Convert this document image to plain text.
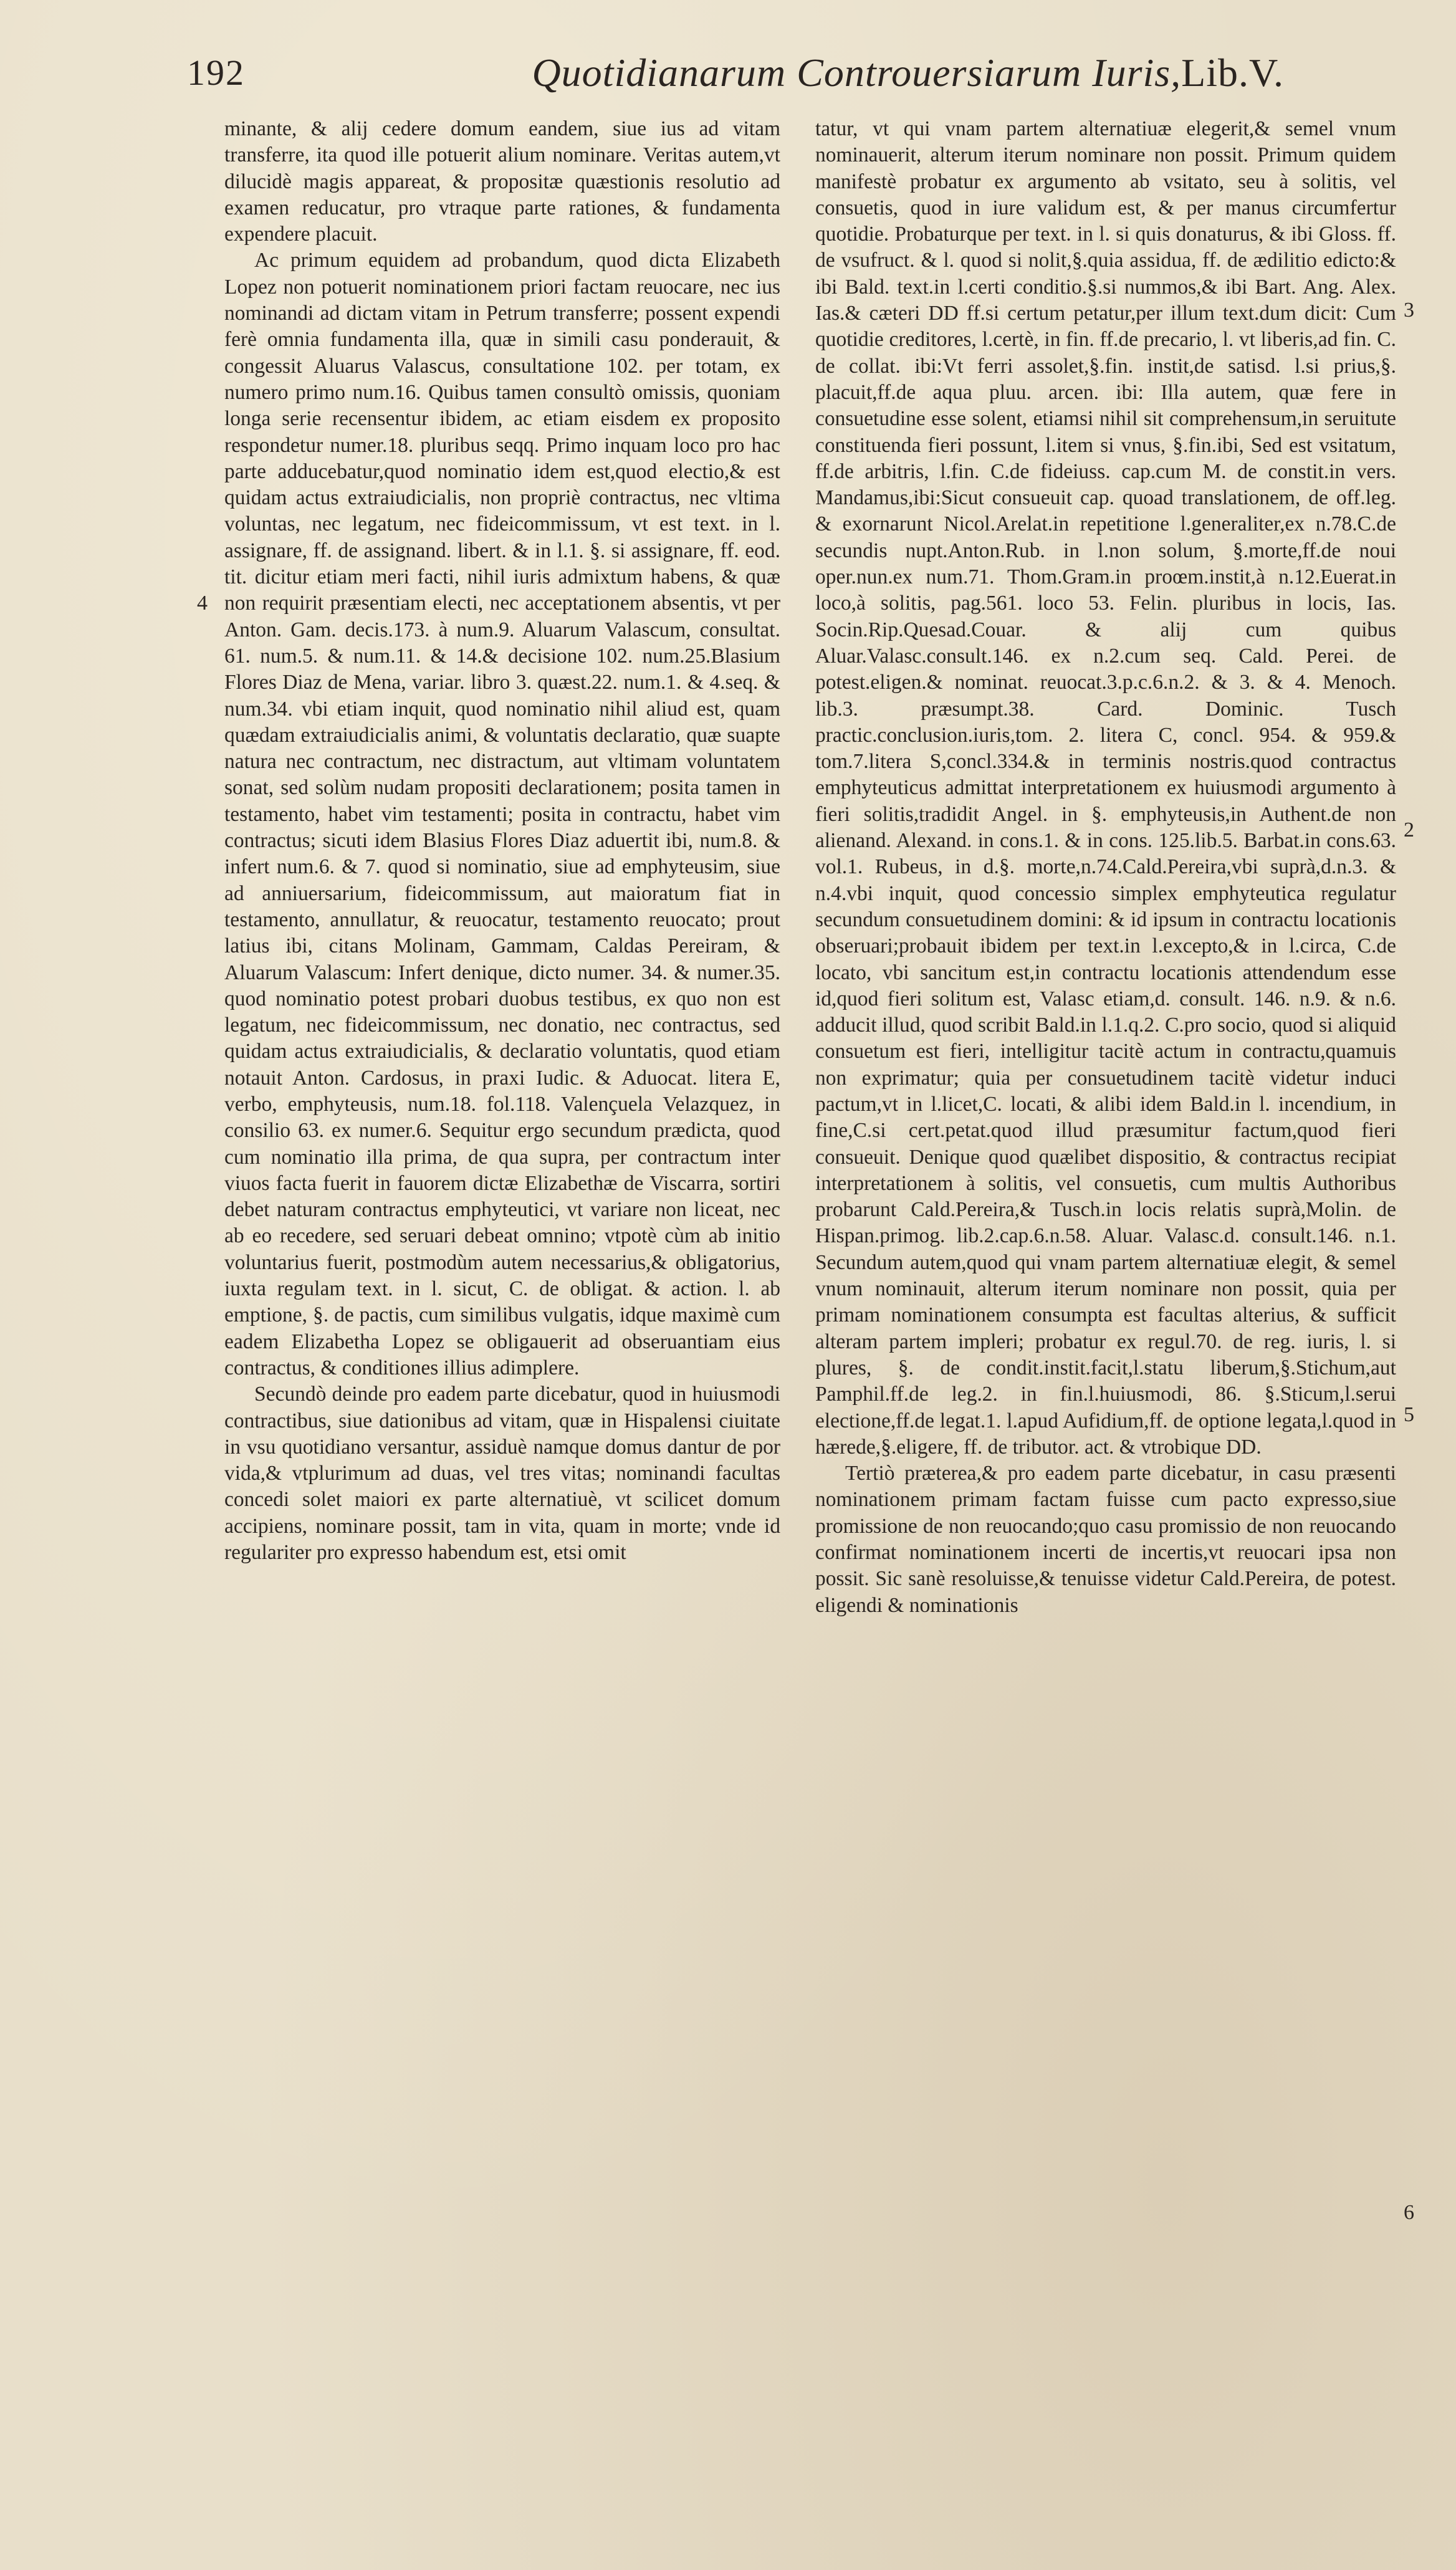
192	Quotidianarum Controuersiarum Iuris,Lib.V.

minante, & alij cedere domum eandem, siue ius ad vitam transferre, ita quod ille potuerit alium nominare. Veritas autem,vt dilucidè magis appareat, & propositæ quæstionis resolutio ad examen reducatur, pro vtraque parte rationes, & fundamenta expendere placuit.

Ac primum equidem ad probandum, quod dicta Elizabeth Lopez non potuerit nominationem priori factam reuocare, nec ius nominandi ad dictam vitam in Petrum transferre; possent expendi ferè omnia fundamenta illa, quæ in simili casu ponderauit, & congessit Aluarus Valascus, consultatione 102. per totam, ex numero primo num.16. Quibus tamen consultò omissis, quoniam longa serie recensentur ibidem, ac etiam eisdem ex proposito respondetur numer.18. pluribus seqq. Primo inquam loco pro hac parte adducebatur,quod nominatio idem est,quod electio,& est quidam actus extraiudicialis, non propriè contractus, nec vltima voluntas, nec legatum, nec fideicommissum, vt est text. in l. assignare, ff. de assignand. libert. & in l.1. §. si assignare, ff. eod. tit. dicitur etiam meri facti, nihil iuris admixtum habens, & quæ non requirit præsentiam electi, nec acceptationem absentis, vt per Anton. Gam. decis.173. à num.9. Aluarum Valascum, consultat. 61. num.5. & num.11. & 14.& decisione 102. num.25.Blasium Flores Diaz de Mena, variar. libro 3. quæst.22. num.1. & 4.seq. & num.34. vbi etiam inquit, quod nominatio nihil aliud est, quam quædam extraiudicialis animi, & voluntatis declaratio, quæ suapte natura nec contractum, nec distractum, aut vltimam voluntatem sonat, sed solùm nudam propositi declarationem; posita tamen in testamento, habet vim testamenti; posita in contractu, habet vim contractus; sicuti idem Blasius Flores Diaz aduertit ibi, num.8. & infert num.6. & 7. quod si nominatio, siue ad emphyteusim, siue ad anniuersarium, fideicommissum, aut maioratum fiat in testamento, annullatur, & reuocatur, testamento reuocato; prout latius ibi, citans Molinam, Gammam, Caldas Pereiram, & Aluarum Valascum: Infert denique, dicto numer. 34. & numer.35. quod nominatio potest probari duobus testibus, ex quo non est legatum, nec fideicommissum, nec donatio, nec contractus, sed quidam actus extraiudicialis, & declaratio voluntatis, quod etiam notauit Anton. Cardosus, in praxi Iudic. & Aduocat. litera E, verbo, emphyteusis, num.18. fol.118. Valençuela Velazquez, in consilio 63. ex numer.6. Sequitur ergo secundum prædicta, quod cum nominatio illa prima, de qua supra, per contractum inter viuos facta fuerit in fauorem dictæ Elizabethæ de Viscarra, sortiri debet naturam contractus emphyteutici, vt variare non liceat, nec ab eo recedere, sed seruari debeat omnino; vtpotè cùm ab initio voluntarius fuerit, postmodùm autem necessarius,& obligatorius, iuxta regulam text. in l. sicut, C. de obligat. & action. l. ab emptione, §. de pactis, cum similibus vulgatis, idque maximè cum eadem Elizabetha Lopez se obligauerit ad obseruantiam eius contractus, & conditiones illius adimplere.

Secundò deinde pro eadem parte dicebatur, quod in huiusmodi contractibus, siue dationibus ad vitam, quæ in Hispalensi ciuitate in vsu quotidiano versantur, assiduè namque domus dantur de por vida,& vtplurimum ad duas, vel tres vitas; nominandi facultas concedi solet maiori ex parte alternatiuè, vt scilicet domum accipiens, nominare possit, tam in vita, quam in morte; vnde id regulariter pro expresso habendum est, etsi omit

tatur, vt qui vnam partem alternatiuæ elegerit,& semel vnum nominauerit, alterum iterum nominare non possit. Primum quidem manifestè probatur ex argumento ab vsitato, seu à solitis, vel consuetis, quod in iure validum est, & per manus circumfertur quotidie. Probaturque per text. in l. si quis donaturus, & ibi Gloss. ff. de vsufruct. & l. quod si nolit,§.quia assidua, ff. de ædilitio edicto:& ibi Bald. text.in l.certi conditio.§.si nummos,& ibi Bart. Ang. Alex. Ias.& cæteri DD ff.si certum petatur,per illum text.dum dicit: Cum quotidie creditores, l.certè, in fin. ff.de precario, l. vt liberis,ad fin. C. de collat. ibi:Vt ferri assolet,§.fin. instit,de satisd. l.si prius,§. placuit,ff.de aqua pluu. arcen. ibi: Illa autem, quæ fere in consuetudine esse solent, etiamsi nihil sit comprehensum,in seruitute constituenda fieri possunt, l.item si vnus, §.fin.ibi, Sed est vsitatum, ff.de arbitris, l.fin. C.de fideiuss. cap.cum M. de constit.in vers. Mandamus,ibi:Sicut consueuit cap. quoad translationem, de off.leg. & exornarunt Nicol.Arelat.in repetitione l.generaliter,ex n.78.C.de secundis nupt.Anton.Rub. in l.non solum, §.morte,ff.de noui oper.nun.ex num.71. Thom.Gram.in proœm.instit,à n.12.Euerat.in loco,à solitis, pag.561. loco 53. Felin. pluribus in locis, Ias. Socin.Rip.Quesad.Couar. & alij cum quibus Aluar.Valasc.consult.146. ex n.2.cum seq. Cald. Perei. de potest.eligen.& nominat. reuocat.3.p.c.6.n.2. & 3. & 4. Menoch. lib.3. præsumpt.38. Card. Dominic. Tusch practic.conclusion.iuris,tom. 2. litera C, concl. 954. & 959.& tom.7.litera S,concl.334.& in terminis nostris.quod contractus emphyteuticus admittat interpretationem ex huiusmodi argumento à fieri solitis,tradidit Angel. in §. emphyteusis,in Authent.de non alienand. Alexand. in cons.1. & in cons. 125.lib.5. Barbat.in cons.63. vol.1. Rubeus, in d.§. morte,n.74.Cald.Pereira,vbi suprà,d.n.3. & n.4.vbi inquit, quod concessio simplex emphyteutica regulatur secundum consuetudinem domini: & id ipsum in contractu locationis obseruari;probauit ibidem per text.in l.excepto,& in l.circa, C.de locato, vbi sancitum est,in contractu locationis attendendum esse id,quod fieri solitum est, Valasc etiam,d. consult. 146. n.9. & n.6. adducit illud, quod scribit Bald.in l.1.q.2. C.pro socio, quod si aliquid consuetum est fieri, intelligitur tacitè actum in contractu,quamuis non exprimatur; quia per consuetudinem tacitè videtur induci pactum,vt in l.licet,C. locati, & alibi idem Bald.in l. incendium, in fine,C.si cert.petat.quod illud præsumitur factum,quod fieri consueuit. Denique quod quælibet dispositio, & contractus recipiat interpretationem à solitis, vel consuetis, cum multis Authoribus probarunt Cald.Pereira,& Tusch.in locis relatis suprà,Molin. de Hispan.primog. lib.2.cap.6.n.58. Aluar. Valasc.d. consult.146. n.1. Secundum autem,quod qui vnam partem alternatiuæ elegit, & semel vnum nominauit, alterum iterum nominare non possit, quia per primam nominationem consumpta est facultas alterius, & sufficit alteram partem impleri; probatur ex regul.70. de reg. iuris, l. si plures, §. de condit.instit.facit,l.statu liberum,§.Stichum,aut Pamphil.ff.de leg.2. in fin.l.huiusmodi, 86. §.Sticum,l.serui electione,ff.de legat.1. l.apud Aufidium,ff. de optione legata,l.quod in hærede,§.eligere, ff. de tributor. act. & vtrobique DD.

Tertiò præterea,& pro eadem parte dicebatur, in casu præsenti nominationem primam factam fuisse cum pacto expresso,siue promissione de non reuocando;quo casu promissio de non reuocando confirmat nominationem incerti de incertis,vt reuocari ipsa non possit. Sic sanè resoluisse,& tenuisse videtur Cald.Pereira, de potest. eligendi & nominationis

4
3
2
5
6
